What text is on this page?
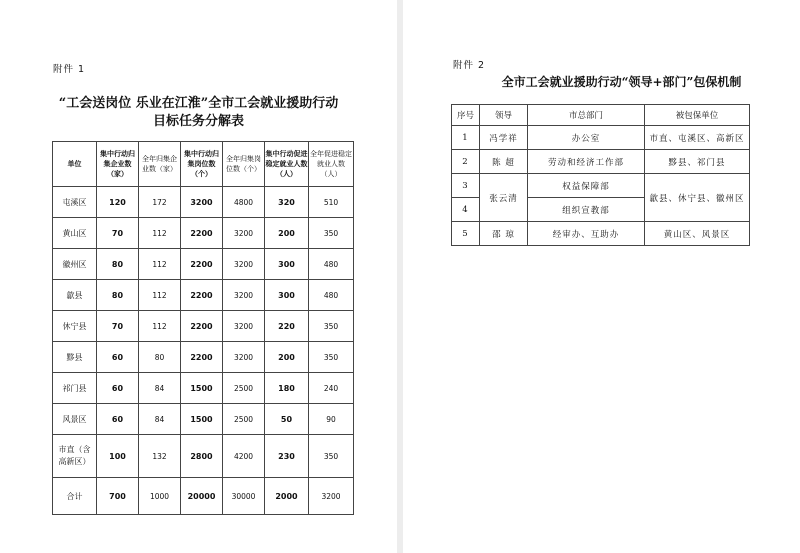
附件 1
“工会送岗位 乐业在江淮”全市工会就业援助行动
目标任务分解表
单位	集中行动归集企业数（家）	全年归集企业数（家）	集中行动归集岗位数（个）	全年归集岗位数（个）	集中行动促进稳定就业人数（人）	全年促进稳定就业人数（人）
屯溪区	120	172	3200	4800	320	510
黄山区	70	112	2200	3200	200	350
徽州区	80	112	2200	3200	300	480
歙县	80	112	2200	3200	300	480
休宁县	70	112	2200	3200	220	350
黟县	60	80	2200	3200	200	350
祁门县	60	84	1500	2500	180	240
风景区	60	84	1500	2500	50	90
市直（含高新区）	100	132	2800	4200	230	350
合计	700	1000	20000	30000	2000	3200
附件 2
全市工会就业援助行动“领导+部门”包保机制
序号	领导	市总部门	被包保单位
1	冯学祥	办公室	市直、屯溪区、高新区
2	陈 超	劳动和经济工作部	黟县、祁门县
3	张云清	权益保障部	歙县、休宁县、徽州区
4		组织宣教部	
5	邵 琼	经审办、互助办	黄山区、风景区
